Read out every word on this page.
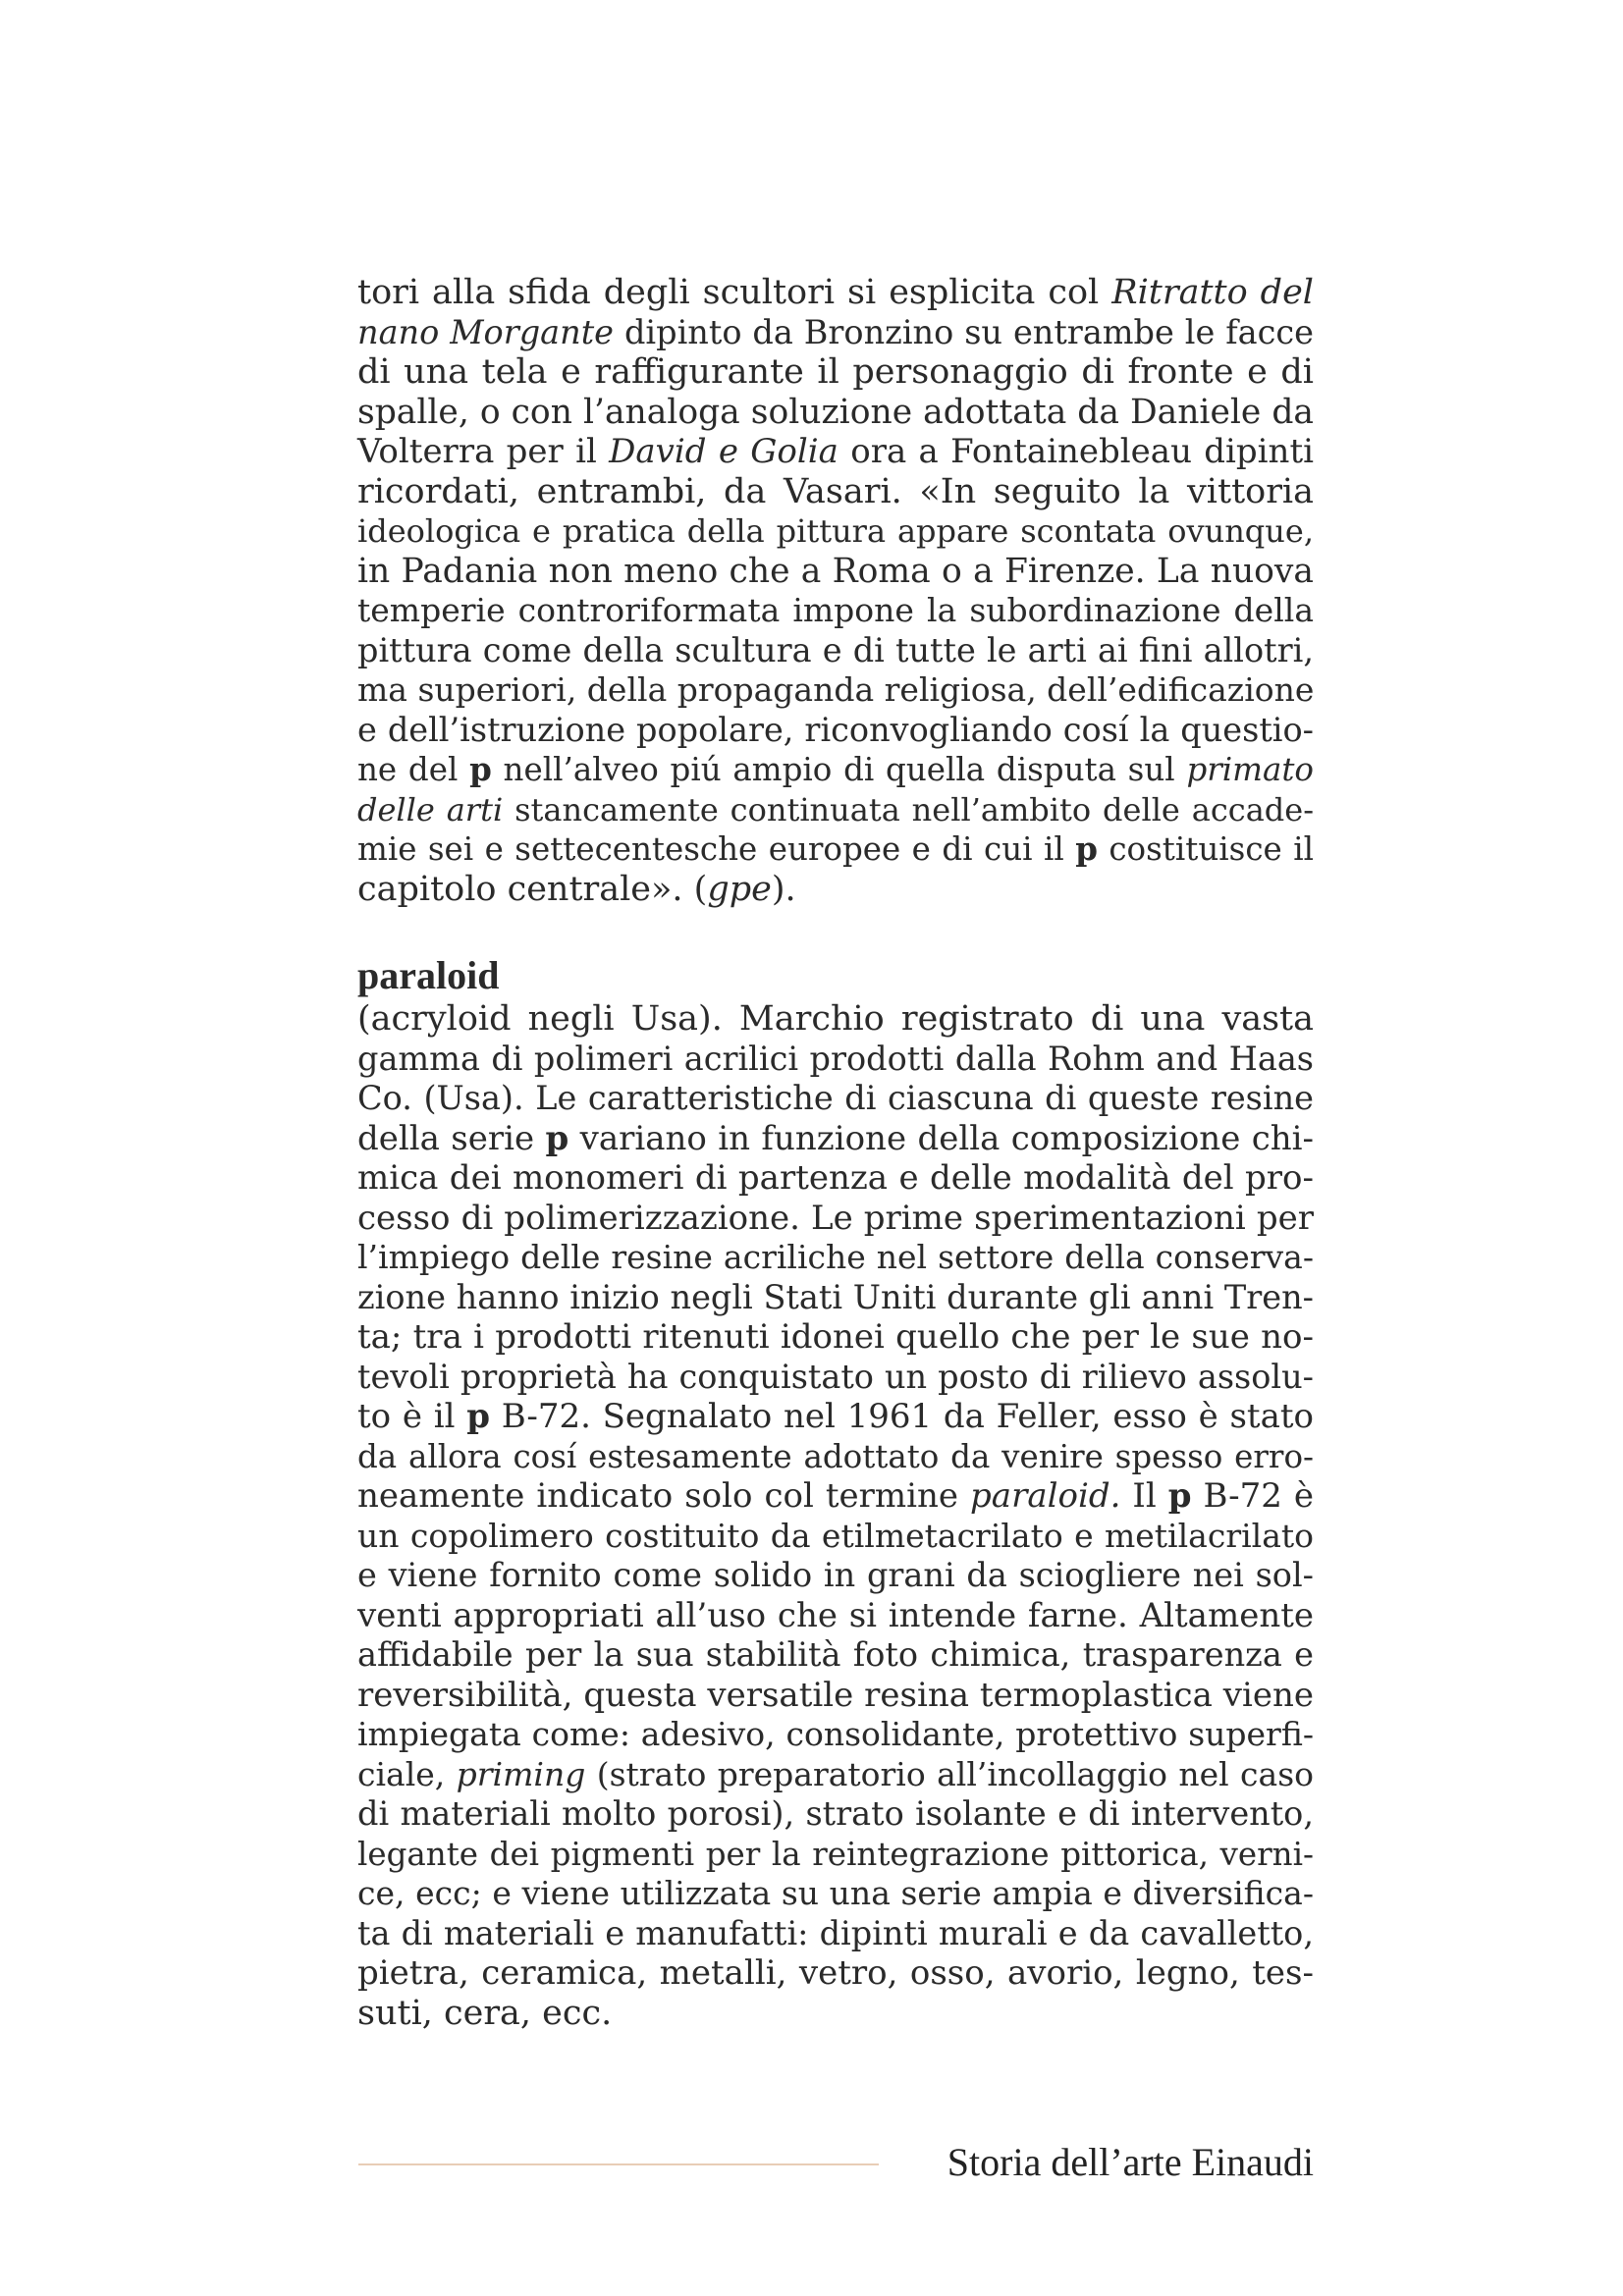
tori alla sfida degli scultori si esplicita col Ritratto del
nano Morgante dipinto da Bronzino su entrambe le facce
di una tela e raffigurante il personaggio di fronte e di
spalle, o con l’analoga soluzione adottata da Daniele da
Volterra per il David e Golia ora a Fontainebleau dipinti
ricordati, entrambi, da Vasari. «In seguito la vittoria
ideologica e pratica della pittura appare scontata ovunque,
in Padania non meno che a Roma o a Firenze. La nuova
temperie controriformata impone la subordinazione della
pittura come della scultura e di tutte le arti ai fini allotri,
ma superiori, della propaganda religiosa, dell’edificazione
e dell’istruzione popolare, riconvogliando cosí la questio-
ne del p nell’alveo piú ampio di quella disputa sul primato
delle arti stancamente continuata nell’ambito delle accade-
mie sei e settecentesche europee e di cui il p costituisce il
capitolo centrale». (gpe).
paraloid
(acryloid negli Usa). Marchio registrato di una vasta
gamma di polimeri acrilici prodotti dalla Rohm and Haas
Co. (Usa). Le caratteristiche di ciascuna di queste resine
della serie p variano in funzione della composizione chi-
mica dei monomeri di partenza e delle modalità del pro-
cesso di polimerizzazione. Le prime sperimentazioni per
l’impiego delle resine acriliche nel settore della conserva-
zione hanno inizio negli Stati Uniti durante gli anni Tren-
ta; tra i prodotti ritenuti idonei quello che per le sue no-
tevoli proprietà ha conquistato un posto di rilievo assolu-
to è il p B-72. Segnalato nel 1961 da Feller, esso è stato
da allora cosí estesamente adottato da venire spesso erro-
neamente indicato solo col termine paraloid. Il p B-72 è
un copolimero costituito da etilmetacrilato e metilacrilato
e viene fornito come solido in grani da sciogliere nei sol-
venti appropriati all’uso che si intende farne. Altamente
affidabile per la sua stabilità foto chimica, trasparenza e
reversibilità, questa versatile resina termoplastica viene
impiegata come: adesivo, consolidante, protettivo superfi-
ciale, priming (strato preparatorio all’incollaggio nel caso
di materiali molto porosi), strato isolante e di intervento,
legante dei pigmenti per la reintegrazione pittorica, verni-
ce, ecc; e viene utilizzata su una serie ampia e diversifica-
ta di materiali e manufatti: dipinti murali e da cavalletto,
pietra, ceramica, metalli, vetro, osso, avorio, legno, tes-
suti, cera, ecc.
Storia dell’arte Einaudi
